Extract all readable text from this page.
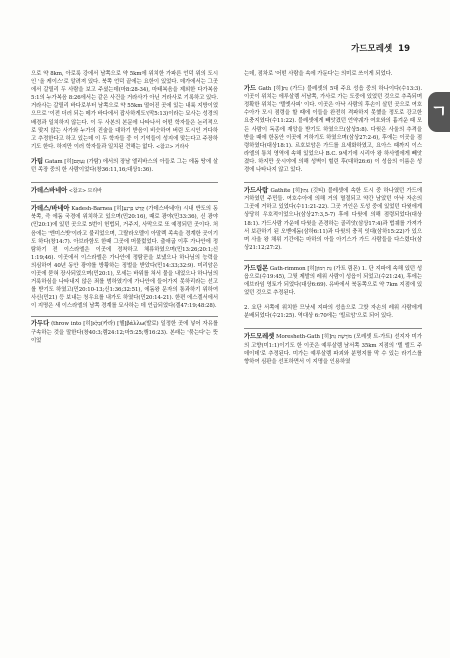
가드모레셋 19
ㄱ

으로 약 8km, 아로룩 강에서 남쪽으로 약 5km에 위치한 가파른 언덕 위의 도시인 '올 케이스'로 알려져 있다. 북쪽 언덕 끝에는 요한이 있었다. 데가에서는 그곳에서 갈릴리 두 사람을 보고 주셨는데(마8:28-34), 마태복음을 제외한 다가복음 5:1의 누가복음 8:26에서는 같은 사건을 거라사가 아닌 거라사로 기록하고 있다. 거라사는 갈릴리 바다로부터 남쪽으로 약 55km 떨어진 곳에 있는 내륙 지방이었으므로 '이전 더러 되는 메가 바다에서 잡사하게도'(막5:13)이라는 묘사는 성경의 배경과 일치하지 않는다. 이 두 사본의 본문에 나타나서 어떤 학자들은 논리적으로 맞지 않는 사가와 누가의 진술을 대하기 받음이 비슷하여 버린 도시인 거다하고 추정한다고 하고 있는데 이 두 학자들 중 이 기억들이 성지에 맞는다고 주장하기도 한다. 하지만 이러 학자들과 일치된 견해는 없다. <참고> 거라사

가팀 Gatam [히]גַּעְתָּם (가탐) 에서의 장남 엘리바스의 아들로 그는 에돔 땅에 살던 족장 중의 한 사람이었다(창36:11,16;대상1:36).

가데스바네아 <참고> 므리바

가데스/바네아 Kadesh-Barnea [히]קָדֵשׁ בַּרְנֵעַ (가데스바네아) 시내 반도의 동북쪽, 즉 에돔 국경에 위치하고 있으며(민20:16), 때로 광야(민33:36), 신 광야(민20:1)에 있던 곳으로 5번이 헌법되, 거주지, 사막으로 또 예정되던 곳이다. 처음에는 '엔미스밧'이라고 불리었으며, 그랄라오멜이 아말렉 족속을 경계한 곳이기도 하다(창14:7). 아브라함도 한때 그곳에 머물렀었다. 출애굽 이후 가나안에 정탐하기 전 이스라엘은 이곳에 정착하고 체류하였으며(민13:26;20:1;신1:19;46). 이곳에서 이스라엘은 가나안에 정탐꾼을 보냈으나 하나님의 능력을 의심하여 40년 동안 광야를 방황하는 징벌을 받았다(민14:33;32:9). 미리암은 이곳에 묻혀 장사되었으며(민20:1), 모세는 바위를 쳐서 물을 내었으나 하나님의 거룩하심을 나타내지 않은 죄를 범하였기에 가나안에 들어가지 못하리라는 선고를 받기도 하였고(민20:10-13;신1:36;32:51), 에돔왕 문자의 통과하기 위하여 사신(민21) 등 보내는 청우요를 내가도 하였다(민20:14-21). 한편 에스겔서에서 이 지명은 새 이스라엘의 남쪽 경계를 묘사하는 데 언급되었다(겔47:19;48:28).

가두다 (throw into [히]כָּלָא(카라) [헬]βάλλω(발로) 일정한 곳에 넣어 자유를 구속하는 것을 말한다(창40:3;렘24:12;마5:25;행16:23). 본래는 '묶는다'는 뜻이었

는데, 점차로 '어떤 사람을 속에 가둔다'는 의미로 쓰이게 되었다.

가드 Gath [히]גַּת (가드) 블레셋의 5대 주요 성읍 중의 하나이다(수13:3). 이곳이 위치는 에루살렘 서남쪽, 가사로 가는 도중에 있었던 것으로 추측되며 정확한 위치는 '텔엣사피' 이다. 이곳은 아낙 사람의 후손이 살던 곳으로 여호수아가 모시 점령을 할 때에 이들을 완전히 격파하지 못했을 정도로 강고한 요충지였다(수11:22). 블레셋에게 빼앗겼던 언약궤가 여호와의 흉겨운 때 모든 사람이 독종에 재앙을 받기도 하였으므(삼상5:8). 다윗은 사울의 추격을 받을 때에 한동안 이곳에 거하기도 하였으며(삼상27:2-6), 후에는 이곳을 점령하였다(대상18:1). 르호보암은 가드를 요새화하였고, 요아스 때까지 이스라엘의 통치 영역에 속해 있었으나 B.C. 9세기에 시리아 왕 하사엘에게 빼앗겼다. 하지만 웃시야에 의해 성벽이 헐린 후(대하26:6) 이 성읍의 이름은 성경에 나타나지 않고 있다.

가드사람 Gathite [히]גִּתִּי (깃티) 블레셋에 속한 도시 중 하나였던 가드에 거하였던 주민들. 여호수아에 의해 거의 멸절되고 약간 남았던 아낙 자손의 그곳에 거하고 있었다(수11:21-22). 그곳 거인은 도성 중에 있었던 다윗에게 상당히 우호적이었으나(삼상27:3,5-7) 후에 다윗에 의해 점령되었다(대상18:1). 가드사람 가운데 다윗을 존경하는 골리앗(삼상17:4)과 법궤를 가져가서 보관하기 된 오벧에돔(삼하6:11)과 다윗의 충직 잇대(삼하15:22)가 있으며 사울 왕 채위 기간에는 마하의 아들 아기스가 가드 사람들을 다스렸다(삼상21:12;27:2).

가드림몬 Gath-rimmon [히]גַּת רִמּוֹן (가트 림몬) 1. 단 지파에 속해 있던 성읍으로(수19:45), 그뒷 제발의 레위 사람이 성읍이 되었고(수21:24), 후에는 에브라임 영토가 되었다(대상6:69). 유바에서 북동쪽으로 약 7km 지점에 있었던 것으로 추정된다.

2. 요단 서쪽에 위치한 므낫세 지파의 성읍으로 그핫 자손의 레위 사람에게 분배되었다(수21:25). 역대상 6:70에는 '빌르암'으로 되어 있다.

가드모레셋 Moresheth-Gath [히]מוֹרֶשֶׁת גַּת (모레셋 트-가트) 선지자 미가의 고향(미1:1)이기도 한 이곳은 예루살렘 남서쪽 35km 지점의 '텔 엘드 주데이데'로 추정된다. 미가는 예루살렘 파괴와 분명지를 막 수 있는 라기스를 향하여 심판을 선포하면서 이 지명을 인용하였
